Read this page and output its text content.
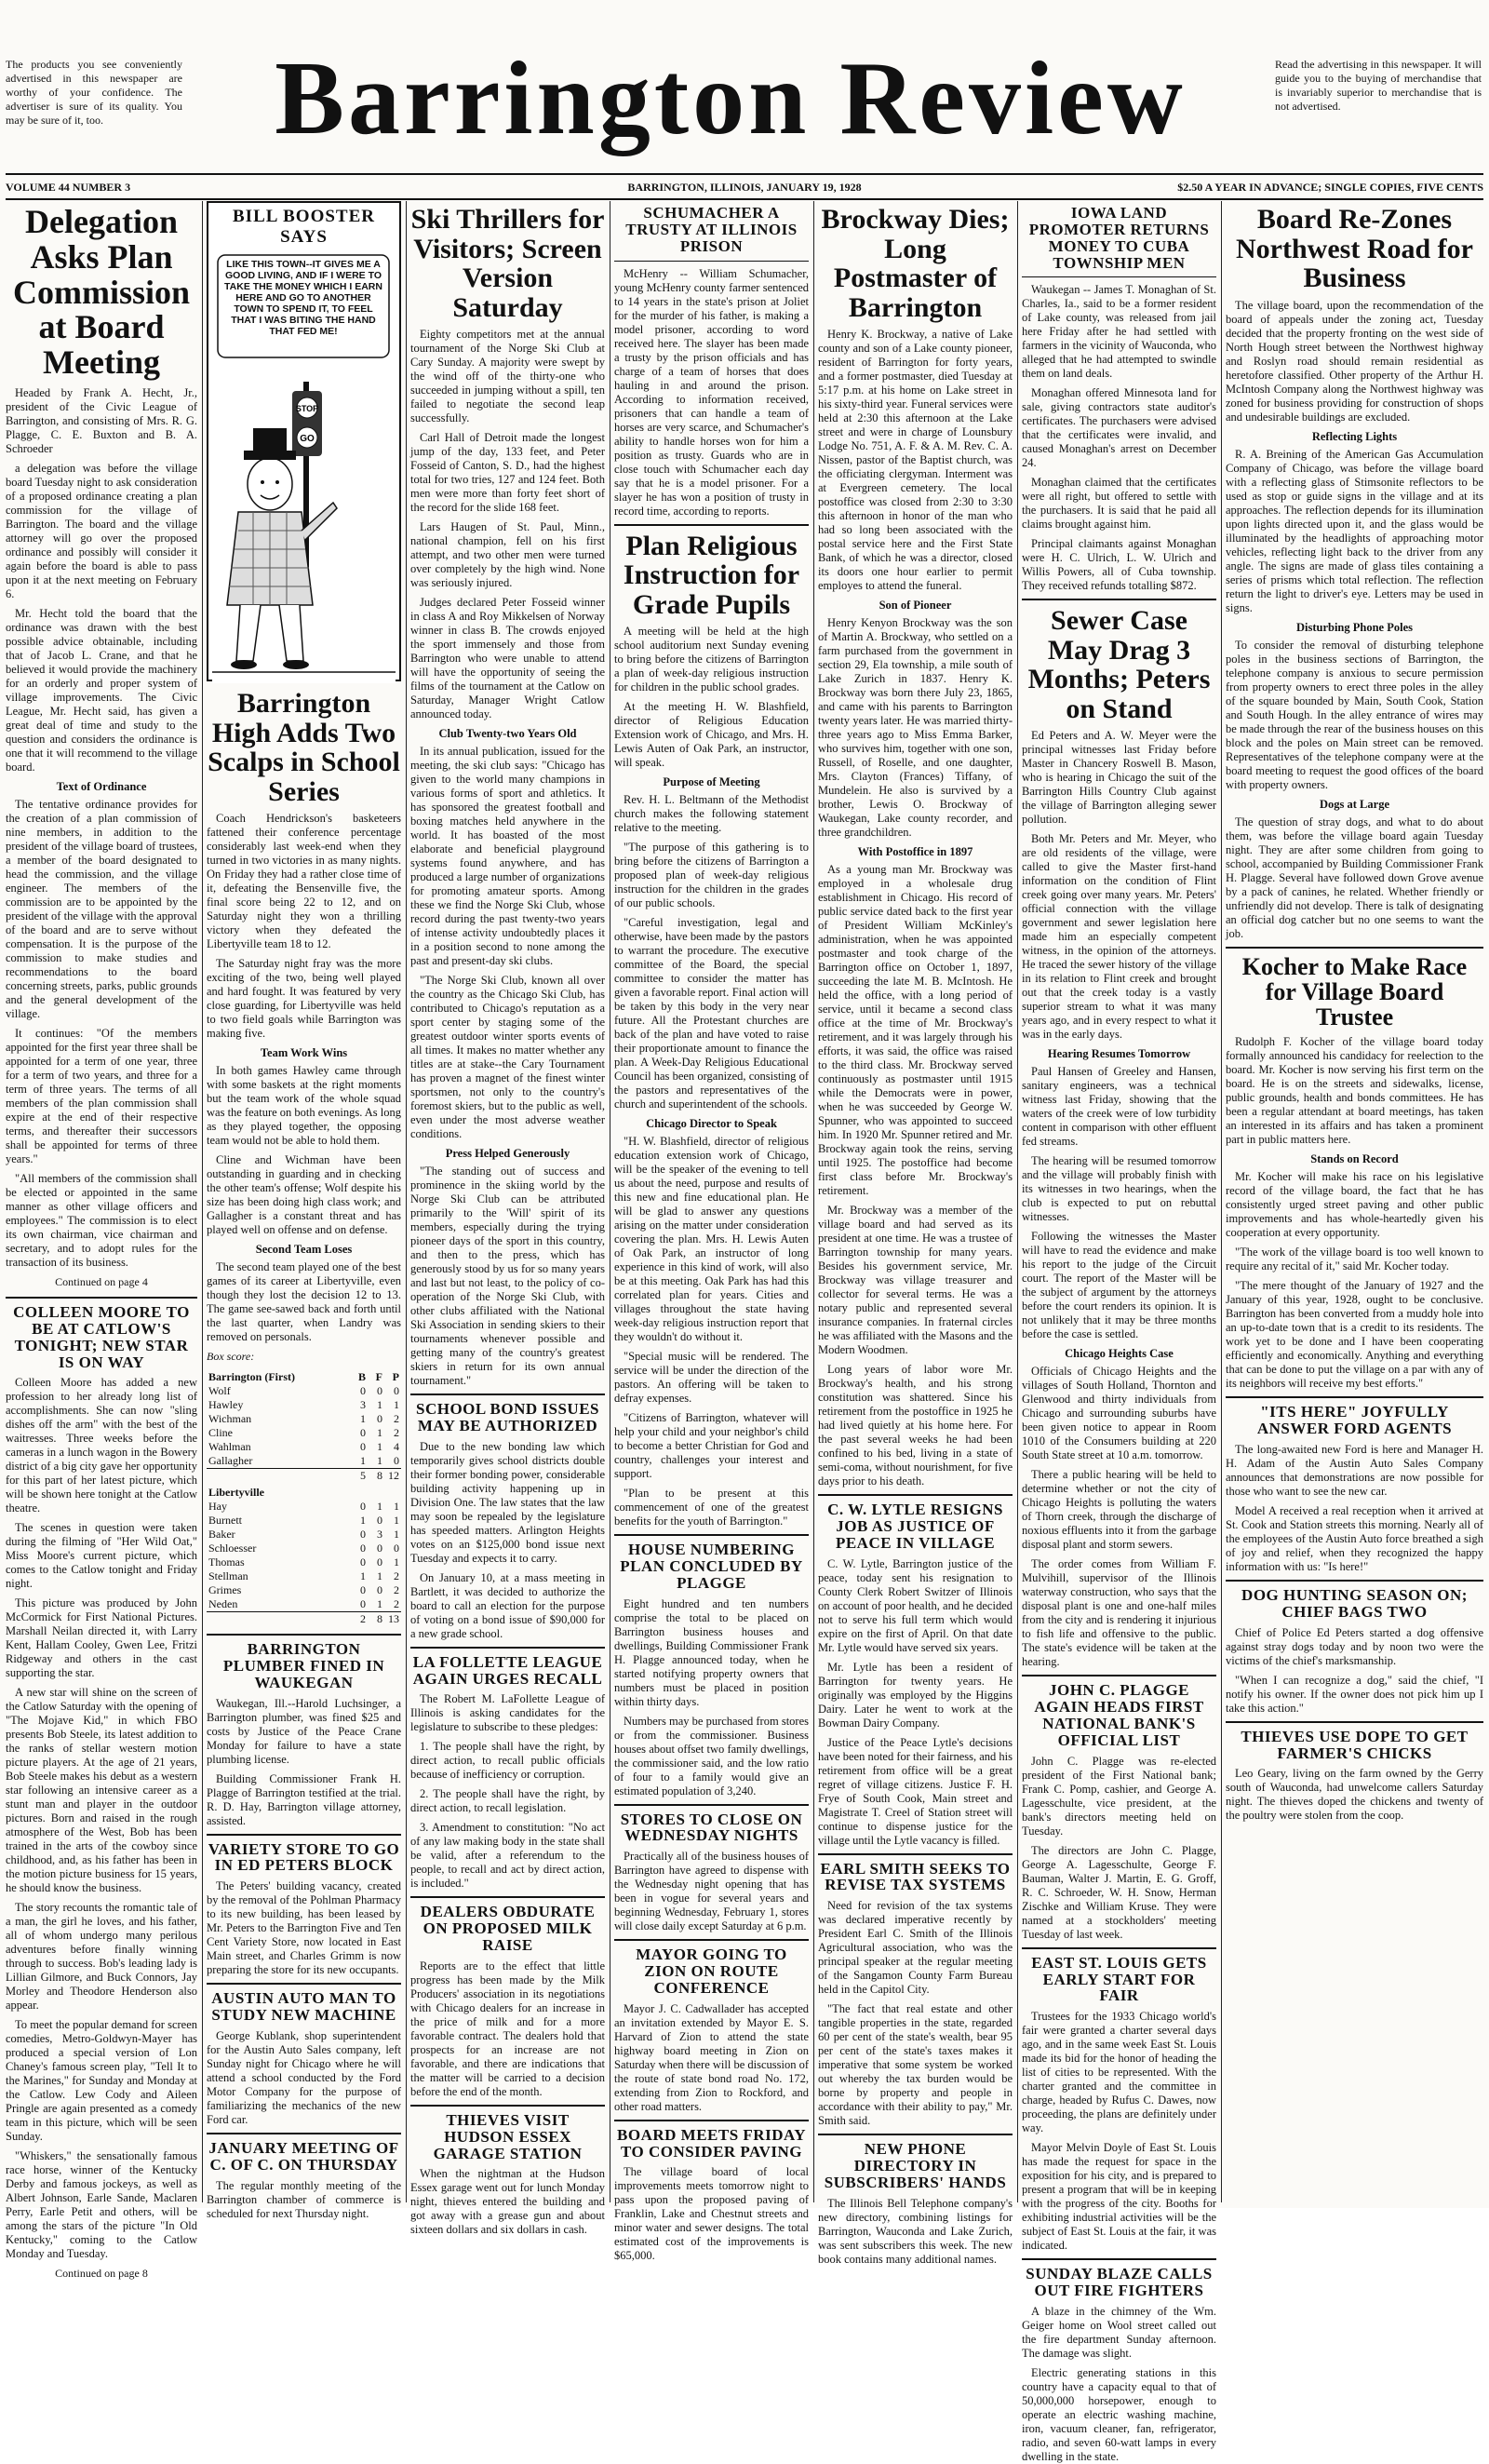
The products you see conveniently advertised in this newspaper are worthy of your confidence. The advertiser is sure of its quality. You may be sure of it, too.	Barrington Review	Read the advertising in this newspaper. It will guide you to the buying of merchandise that is invariably superior to merchandise that is not advertised.
BARRINGTON, ILLINOIS, JANUARY 19, 1928
VOLUME 44 NUMBER 3	$2.50 A YEAR IN ADVANCE; SINGLE COPIES, FIVE CENTS
Delegation Asks Plan Commission at Board Meeting

Headed by Frank A. Hecht, Jr., president of the Civic League of Barrington, and consisting of Mrs. R. G. Plagge, C. E. Buxton and B. A. Schroeder

a delegation was before the village board Tuesday night to ask consideration of a proposed ordinance creating a plan commission for the village of Barrington. The board and the village attorney will go over the proposed ordinance and possibly will consider it again before the board is able to pass upon it at the next meeting on February 6.

Mr. Hecht told the board that the ordinance was drawn with the best possible advice obtainable, including that of Jacob L. Crane, and that he believed it would provide the machinery for an orderly and proper system of village improvements. The Civic League, Mr. Hecht said, has given a great deal of time and study to the question and considers the ordinance is one that it will recommend to the village board.

Text of Ordinance

The tentative ordinance provides for the creation of a plan commission of nine members, in addition to the president of the village board of trustees, a member of the board designated to head the commission, and the village engineer. The members of the commission are to be appointed by the president of the village with the approval of the board and are to serve without compensation. It is the purpose of the commission to make studies and recommendations to the board concerning streets, parks, public grounds and the general development of the village.

It continues: "Of the members appointed for the first year three shall be appointed for a term of one year, three for a term of two years, and three for a term of three years. The terms of all members of the plan commission shall expire at the end of their respective terms, and thereafter their successors shall be appointed for terms of three years."

"All members of the commission shall be elected or appointed in the same manner as other village officers and employees." The commission is to elect its own chairman, vice chairman and secretary, and to adopt rules for the transaction of its business.

Continued on page 4
COLLEEN MOORE TO BE AT CATLOW'S TONIGHT; NEW STAR IS ON WAY

Colleen Moore has added a new profession to her already long list of accomplishments. She can now "sling dishes off the arm" with the best of the waitresses. Three weeks before the cameras in a lunch wagon in the Bowery district of a big city gave her opportunity for this part of her latest picture, which will be shown here tonight at the Catlow theatre.

The scenes in question were taken during the filming of "Her Wild Oat," Miss Moore's current picture, which comes to the Catlow tonight and Friday night.

This picture was produced by John McCormick for First National Pictures. Marshall Neilan directed it, with Larry Kent, Hallam Cooley, Gwen Lee, Fritzi Ridgeway and others in the cast supporting the star.

A new star will shine on the screen of the Catlow Saturday with the opening of "The Mojave Kid," in which FBO presents Bob Steele, its latest addition to the ranks of stellar western motion picture players. At the age of 21 years, Bob Steele makes his debut as a western star following an intensive career as a stunt man and player in the outdoor pictures. Born and raised in the rough atmosphere of the West, Bob has been trained in the arts of the cowboy since childhood, and, as his father has been in the motion picture business for 15 years, he should know the business.

The story recounts the romantic tale of a man, the girl he loves, and his father, all of whom undergo many perilous adventures before finally winning through to success. Bob's leading lady is Lillian Gilmore, and Buck Connors, Jay Morley and Theodore Henderson also appear.

To meet the popular demand for screen comedies, Metro-Goldwyn-Mayer has produced a special version of Lon Chaney's famous screen play, "Tell It to the Marines," for Sunday and Monday at the Catlow. Lew Cody and Aileen Pringle are again presented as a comedy team in this picture, which will be seen Sunday.

"Whiskers," the sensationally famous race horse, winner of the Kentucky Derby and famous jockeys, as well as Albert Johnson, Earle Sande, Maclaren Perry, Earle Petit and others, will be among the stars of the picture "In Old Kentucky," coming to the Catlow Monday and Tuesday.

Continued on page 8
BILL BOOSTER SAYS
LIKE THIS TOWN--IT GIVES ME A GOOD LIVING, AND IF I WERE TO TAKE THE MONEY WHICH I EARN HERE AND GO TO ANOTHER TOWN TO SPEND IT, TO FEEL THAT I WAS BITING THE HAND THAT FED ME!
STOP
GO
Barrington High Adds Two Scalps in School Series

Coach Hendrickson's basketeers fattened their conference percentage considerably last week-end when they turned in two victories in as many nights. On Friday they had a rather close time of it, defeating the Bensenville five, the final score being 22 to 12, and on Saturday night they won a thrilling victory when they defeated the Libertyville team 18 to 12.

The Saturday night fray was the more exciting of the two, being well played and hard fought. It was featured by very close guarding, for Libertyville was held to two field goals while Barrington was making five.

Team Work Wins

In both games Hawley came through with some baskets at the right moments but the team work of the whole squad was the feature on both evenings. As long as they played together, the opposing team would not be able to hold them.

Cline and Wichman have been outstanding in guarding and in checking the other team's offense; Wolf despite his size has been doing high class work; and Gallagher is a constant threat and has played well on offense and on defense.

Second Team Loses

The second team played one of the best games of its career at Libertyville, even though they lost the decision 12 to 13. The game see-sawed back and forth until the last quarter, when Landry was removed on personals.

Box score:
Barrington (First)	B	F	P
Wolf	0	0	0
Hawley	3	1	1
Wichman	1	0	2
Cline	0	1	2
Wahlman	0	1	4
Gallagher	1	1	0
	5	8	12
Libertyville			
Hay	0	1	1
Burnett	1	0	1
Baker	0	3	1
Schloesser	0	0	0
Thomas	0	0	1
Stellman	1	1	2
Grimes	0	0	2
Neden	0	1	2
	2	8	13
BARRINGTON PLUMBER FINED IN WAUKEGAN

Waukegan, Ill.--Harold Luchsinger, a Barrington plumber, was fined $25 and costs by Justice of the Peace Crane Monday for failure to have a state plumbing license.

Building Commissioner Frank H. Plagge of Barrington testified at the trial. R. D. Hay, Barrington village attorney, assisted.

VARIETY STORE TO GO IN ED PETERS BLOCK

The Peters' building vacancy, created by the removal of the Pohlman Pharmacy to its new building, has been leased by Mr. Peters to the Barrington Five and Ten Cent Variety Store, now located in East Main street, and Charles Grimm is now preparing the store for its new occupants.

AUSTIN AUTO MAN TO STUDY NEW MACHINE

George Kublank, shop superintendent for the Austin Auto Sales company, left Sunday night for Chicago where he will attend a school conducted by the Ford Motor Company for the purpose of familiarizing the mechanics of the new Ford car.

JANUARY MEETING OF C. OF C. ON THURSDAY

The regular monthly meeting of the Barrington chamber of commerce is scheduled for next Thursday night.

Ski Thrillers for Visitors; Screen Version Saturday

Eighty competitors met at the annual tournament of the Norge Ski Club at Cary Sunday. A majority were swept by the wind off of the thirty-one who succeeded in jumping without a spill, ten failed to negotiate the second leap successfully.

Carl Hall of Detroit made the longest jump of the day, 133 feet, and Peter Fosseid of Canton, S. D., had the highest total for two tries, 127 and 124 feet. Both men were more than forty feet short of the record for the slide 168 feet.

Lars Haugen of St. Paul, Minn., national champion, fell on his first attempt, and two other men were turned over completely by the high wind. None was seriously injured.

Judges declared Peter Fosseid winner in class A and Roy Mikkelsen of Norway winner in class B. The crowds enjoyed the sport immensely and those from Barrington who were unable to attend will have the opportunity of seeing the films of the tournament at the Catlow on Saturday, Manager Wright Catlow announced today.

Club Twenty-two Years Old

In its annual publication, issued for the meeting, the ski club says: "Chicago has given to the world many champions in various forms of sport and athletics. It has sponsored the greatest football and boxing matches held anywhere in the world. It has boasted of the most elaborate and beneficial playground systems found anywhere, and has produced a large number of organizations for promoting amateur sports. Among these we find the Norge Ski Club, whose record during the past twenty-two years of intense activity undoubtedly places it in a position second to none among the past and present-day ski clubs.

"The Norge Ski Club, known all over the country as the Chicago Ski Club, has contributed to Chicago's reputation as a sport center by staging some of the greatest outdoor winter sports events of all times. It makes no matter whether any titles are at stake--the Cary Tournament has proven a magnet of the finest winter sportsmen, not only to the country's foremost skiers, but to the public as well, even under the most adverse weather conditions.

Press Helped Generously

"The standing out of success and prominence in the skiing world by the Norge Ski Club can be attributed primarily to the 'Will' spirit of its members, especially during the trying pioneer days of the sport in this country, and then to the press, which has generously stood by us for so many years and last but not least, to the policy of co-operation of the Norge Ski Club, with other clubs affiliated with the National Ski Association in sending skiers to their tournaments whenever possible and getting many of the country's greatest skiers in return for its own annual tournament."

SCHOOL BOND ISSUES MAY BE AUTHORIZED

Due to the new bonding law which temporarily gives school districts double their former bonding power, considerable building activity happening up in Division One. The law states that the law may soon be repealed by the legislature has speeded matters. Arlington Heights votes on an $125,000 bond issue next Tuesday and expects it to carry.

On January 10, at a mass meeting in Bartlett, it was decided to authorize the board to call an election for the purpose of voting on a bond issue of $90,000 for a new grade school.

LA FOLLETTE LEAGUE AGAIN URGES RECALL

The Robert M. LaFollette League of Illinois is asking candidates for the legislature to subscribe to these pledges:

1. The people shall have the right, by direct action, to recall public officials because of inefficiency or corruption.

2. The people shall have the right, by direct action, to recall legislation.

3. Amendment to constitution: "No act of any law making body in the state shall be valid, after a referendum to the people, to recall and act by direct action, is included."

DEALERS OBDURATE ON PROPOSED MILK RAISE

Reports are to the effect that little progress has been made by the Milk Producers' association in its negotiations with Chicago dealers for an increase in the price of milk and for a more favorable contract. The dealers hold that prospects for an increase are not favorable, and there are indications that the matter will be carried to a decision before the end of the month.

THIEVES VISIT HUDSON ESSEX GARAGE STATION

When the nightman at the Hudson Essex garage went out for lunch Monday night, thieves entered the building and got away with a grease gun and about sixteen dollars and six dollars in cash.

SCHUMACHER A TRUSTY AT ILLINOIS PRISON

McHenry -- William Schumacher, young McHenry county farmer sentenced to 14 years in the state's prison at Joliet for the murder of his father, is making a model prisoner, according to word received here. The slayer has been made a trusty by the prison officials and has charge of a team of horses that does hauling in and around the prison. According to information received, prisoners that can handle a team of horses are very scarce, and Schumacher's ability to handle horses won for him a position as trusty. Guards who are in close touch with Schumacher each day say that he is a model prisoner. For a slayer he has won a position of trusty in record time, according to reports.

Plan Religious Instruction for Grade Pupils

A meeting will be held at the high school auditorium next Sunday evening to bring before the citizens of Barrington a plan of week-day religious instruction for children in the public school grades.

At the meeting H. W. Blashfield, director of Religious Education Extension work of Chicago, and Mrs. H. Lewis Auten of Oak Park, an instructor, will speak.

Purpose of Meeting

Rev. H. L. Beltmann of the Methodist church makes the following statement relative to the meeting.

"The purpose of this gathering is to bring before the citizens of Barrington a proposed plan of week-day religious instruction for the children in the grades of our public schools.

"Careful investigation, legal and otherwise, have been made by the pastors to warrant the procedure. The executive committee of the Board, the special committee to consider the matter has given a favorable report. Final action will be taken by this body in the very near future. All the Protestant churches are back of the plan and have voted to raise their proportionate amount to finance the plan. A Week-Day Religious Educational Council has been organized, consisting of the pastors and representatives of the church and superintendent of the schools.

Chicago Director to Speak

"H. W. Blashfield, director of religious education extension work of Chicago, will be the speaker of the evening to tell us about the need, purpose and results of this new and fine educational plan. He will be glad to answer any questions arising on the matter under consideration covering the plan. Mrs. H. Lewis Auten of Oak Park, an instructor of long experience in this kind of work, will also be at this meeting. Oak Park has had this correlated plan for years. Cities and villages throughout the state having week-day religious instruction report that they wouldn't do without it.

"Special music will be rendered. The service will be under the direction of the pastors. An offering will be taken to defray expenses.

"Citizens of Barrington, whatever will help your child and your neighbor's child to become a better Christian for God and country, challenges your interest and support.

"Plan to be present at this commencement of one of the greatest benefits for the youth of Barrington."

HOUSE NUMBERING PLAN CONCLUDED BY PLAGGE

Eight hundred and ten numbers comprise the total to be placed on Barrington business houses and dwellings, Building Commissioner Frank H. Plagge announced today, when he started notifying property owners that numbers must be placed in position within thirty days.

Numbers may be purchased from stores or from the commissioner. Business houses about offset two family dwellings, the commissioner said, and the low ratio of four to a family would give an estimated population of 3,240.

STORES TO CLOSE ON WEDNESDAY NIGHTS

Practically all of the business houses of Barrington have agreed to dispense with the Wednesday night opening that has been in vogue for several years and beginning Wednesday, February 1, stores will close daily except Saturday at 6 p.m.

MAYOR GOING TO ZION ON ROUTE CONFERENCE

Mayor J. C. Cadwallader has accepted an invitation extended by Mayor E. S. Harvard of Zion to attend the state highway board meeting in Zion on Saturday when there will be discussion of the route of state bond road No. 172, extending from Zion to Rockford, and other road matters.

BOARD MEETS FRIDAY TO CONSIDER PAVING

The village board of local improvements meets tomorrow night to pass upon the proposed paving of Franklin, Lake and Chestnut streets and minor water and sewer designs. The total estimated cost of the improvements is $65,000.

Brockway Dies; Long Postmaster of Barrington

Henry K. Brockway, a native of Lake county and son of a Lake county pioneer, resident of Barrington for forty years, and a former postmaster, died Tuesday at 5:17 p.m. at his home on Lake street in his sixty-third year. Funeral services were held at 2:30 this afternoon at the Lake street and were in charge of Lounsbury Lodge No. 751, A. F. & A. M. Rev. C. A. Nissen, pastor of the Baptist church, was the officiating clergyman. Interment was at Evergreen cemetery. The local postoffice was closed from 2:30 to 3:30 this afternoon in honor of the man who had so long been associated with the postal service here and the First State Bank, of which he was a director, closed its doors one hour earlier to permit employes to attend the funeral.

Son of Pioneer

Henry Kenyon Brockway was the son of Martin A. Brockway, who settled on a farm purchased from the government in section 29, Ela township, a mile south of Lake Zurich in 1837. Henry K. Brockway was born there July 23, 1865, and came with his parents to Barrington twenty years later. He was married thirty-three years ago to Miss Emma Barker, who survives him, together with one son, Russell, of Roselle, and one daughter, Mrs. Clayton (Frances) Tiffany, of Mundelein. He also is survived by a brother, Lewis O. Brockway of Waukegan, Lake county recorder, and three grandchildren.

With Postoffice in 1897

As a young man Mr. Brockway was employed in a wholesale drug establishment in Chicago. His record of public service dated back to the first year of President William McKinley's administration, when he was appointed postmaster and took charge of the Barrington office on October 1, 1897, succeeding the late M. B. McIntosh. He held the office, with a long period of service, until it became a second class office at the time of Mr. Brockway's retirement, and it was largely through his efforts, it was said, the office was raised to the third class. Mr. Brockway served continuously as postmaster until 1915 while the Democrats were in power, when he was succeeded by George W. Spunner, who was appointed to succeed him. In 1920 Mr. Spunner retired and Mr. Brockway again took the reins, serving until 1925. The postoffice had become first class before Mr. Brockway's retirement.

Mr. Brockway was a member of the village board and had served as its president at one time. He was a trustee of Barrington township for many years. Besides his government service, Mr. Brockway was village treasurer and collector for several terms. He was a notary public and represented several insurance companies. In fraternal circles he was affiliated with the Masons and the Modern Woodmen.

Long years of labor wore Mr. Brockway's health, and his strong constitution was shattered. Since his retirement from the postoffice in 1925 he had lived quietly at his home here. For the past several weeks he had been confined to his bed, living in a state of semi-coma, without nourishment, for five days prior to his death.

C. W. LYTLE RESIGNS JOB AS JUSTICE OF PEACE IN VILLAGE

C. W. Lytle, Barrington justice of the peace, today sent his resignation to County Clerk Robert Switzer of Illinois on account of poor health, and he decided not to serve his full term which would expire on the first of April. On that date Mr. Lytle would have served six years.

Mr. Lytle has been a resident of Barrington for twenty years. He originally was employed by the Higgins Dairy. Later he went to work at the Bowman Dairy Company.

Justice of the Peace Lytle's decisions have been noted for their fairness, and his retirement from office will be a great regret of village citizens. Justice F. H. Frye of South Cook, Main street and Magistrate T. Creel of Station street will continue to dispense justice for the village until the Lytle vacancy is filled.

EARL SMITH SEEKS TO REVISE TAX SYSTEMS

Need for revision of the tax systems was declared imperative recently by President Earl C. Smith of the Illinois Agricultural association, who was the principal speaker at the regular meeting of the Sangamon County Farm Bureau held in the Capitol City.

"The fact that real estate and other tangible properties in the state, regarded 60 per cent of the state's wealth, bear 95 per cent of the state's taxes makes it imperative that some system be worked out whereby the tax burden would be borne by property and people in accordance with their ability to pay," Mr. Smith said.

NEW PHONE DIRECTORY IN SUBSCRIBERS' HANDS

The Illinois Bell Telephone company's new directory, combining listings for Barrington, Wauconda and Lake Zurich, was sent subscribers this week. The new book contains many additional names.

IOWA LAND PROMOTER RETURNS MONEY TO CUBA TOWNSHIP MEN

Waukegan -- James T. Monaghan of St. Charles, Ia., said to be a former resident of Lake county, was released from jail here Friday after he had settled with farmers in the vicinity of Wauconda, who alleged that he had attempted to swindle them on land deals.

Monaghan offered Minnesota land for sale, giving contractors state auditor's certificates. The purchasers were advised that the certificates were invalid, and caused Monaghan's arrest on December 24.

Monaghan claimed that the certificates were all right, but offered to settle with the purchasers. It is said that he paid all claims brought against him.

Principal claimants against Monaghan were H. C. Ulrich, L. W. Ulrich and Willis Powers, all of Cuba township. They received refunds totalling $872.

Sewer Case May Drag 3 Months; Peters on Stand

Ed Peters and A. W. Meyer were the principal witnesses last Friday before Master in Chancery Roswell B. Mason, who is hearing in Chicago the suit of the Barrington Hills Country Club against the village of Barrington alleging sewer pollution.

Both Mr. Peters and Mr. Meyer, who are old residents of the village, were called to give the Master first-hand information on the condition of Flint creek going over many years. Mr. Peters' official connection with the village government and sewer legislation here made him an especially competent witness, in the opinion of the attorneys. He traced the sewer history of the village in its relation to Flint creek and brought out that the creek today is a vastly superior stream to what it was many years ago, and in every respect to what it was in the early days.

Hearing Resumes Tomorrow

Paul Hansen of Greeley and Hansen, sanitary engineers, was a technical witness last Friday, showing that the waters of the creek were of low turbidity content in comparison with other effluent fed streams.

The hearing will be resumed tomorrow and the village will probably finish with its witnesses in two hearings, when the club is expected to put on rebuttal witnesses.

Following the witnesses the Master will have to read the evidence and make his report to the judge of the Circuit court. The report of the Master will be the subject of argument by the attorneys before the court renders its opinion. It is not unlikely that it may be three months before the case is settled.

Chicago Heights Case

Officials of Chicago Heights and the villages of South Holland, Thornton and Glenwood and thirty individuals from Chicago and surrounding suburbs have been given notice to appear in Room 1010 of the Consumers building at 220 South State street at 10 a.m. tomorrow.

There a public hearing will be held to determine whether or not the city of Chicago Heights is polluting the waters of Thorn creek, through the discharge of noxious effluents into it from the garbage disposal plant and storm sewers.

The order comes from William F. Mulvihill, supervisor of the Illinois waterway construction, who says that the disposal plant is one and one-half miles from the city and is rendering it injurious to fish life and offensive to the public. The state's evidence will be taken at the hearing.

JOHN C. PLAGGE AGAIN HEADS FIRST NATIONAL BANK'S OFFICIAL LIST

John C. Plagge was re-elected president of the First National bank; Frank C. Pomp, cashier, and George A. Lagesschulte, vice president, at the bank's directors meeting held on Tuesday.

The directors are John C. Plagge, George A. Lagesschulte, George F. Bauman, Walter J. Martin, E. G. Groff, R. C. Schroeder, W. H. Snow, Herman Zischke and William Kruse. They were named at a stockholders' meeting Tuesday of last week.

EAST ST. LOUIS GETS EARLY START FOR FAIR

Trustees for the 1933 Chicago world's fair were granted a charter several days ago, and in the same week East St. Louis made its bid for the honor of heading the list of cities to be represented. With the charter granted and the committee in charge, headed by Rufus C. Dawes, now proceeding, the plans are definitely under way.

Mayor Melvin Doyle of East St. Louis has made the request for space in the exposition for his city, and is prepared to present a program that will be in keeping with the progress of the city. Booths for exhibiting industrial activities will be the subject of East St. Louis at the fair, it was indicated.

SUNDAY BLAZE CALLS OUT FIRE FIGHTERS

A blaze in the chimney of the Wm. Geiger home on Wool street called out the fire department Sunday afternoon. The damage was slight.

Electric generating stations in this country have a capacity equal to that of 50,000,000 horsepower, enough to operate an electric washing machine, iron, vacuum cleaner, fan, refrigerator, radio, and seven 60-watt lamps in every dwelling in the state.

Board Re-Zones Northwest Road for Business

The village board, upon the recommendation of the board of appeals under the zoning act, Tuesday decided that the property fronting on the west side of North Hough street between the Northwest highway and Roslyn road should remain residential as heretofore classified. Other property of the Arthur H. McIntosh Company along the Northwest highway was zoned for business providing for construction of shops and undesirable buildings are excluded.

Reflecting Lights

R. A. Breining of the American Gas Accumulation Company of Chicago, was before the village board with a reflecting glass of Stimsonite reflectors to be used as stop or guide signs in the village and at its approaches. The reflection depends for its illumination upon lights directed upon it, and the glass would be illuminated by the headlights of approaching motor vehicles, reflecting light back to the driver from any angle. The signs are made of glass tiles containing a series of prisms which total reflection. The reflection return the light to driver's eye. Letters may be used in signs.

Disturbing Phone Poles

To consider the removal of disturbing telephone poles in the business sections of Barrington, the telephone company is anxious to secure permission from property owners to erect three poles in the alley of the square bounded by Main, South Cook, Station and South Hough. In the alley entrance of wires may be made through the rear of the business houses on this block and the poles on Main street can be removed. Representatives of the telephone company were at the board meeting to request the good offices of the board with property owners.

Dogs at Large

The question of stray dogs, and what to do about them, was before the village board again Tuesday night. They are after some children from going to school, accompanied by Building Commissioner Frank H. Plagge. Several have followed down Grove avenue by a pack of canines, he related. Whether friendly or unfriendly did not develop. There is talk of designating an official dog catcher but no one seems to want the job.

Kocher to Make Race for Village Board Trustee

Rudolph F. Kocher of the village board today formally announced his candidacy for reelection to the board. Mr. Kocher is now serving his first term on the board. He is on the streets and sidewalks, license, public grounds, health and bonds committees. He has been a regular attendant at board meetings, has taken an interested in its affairs and has taken a prominent part in public matters here.

Stands on Record

Mr. Kocher will make his race on his legislative record of the village board, the fact that he has consistently urged street paving and other public improvements and has whole-heartedly given his cooperation at every opportunity.

"The work of the village board is too well known to require any recital of it," said Mr. Kocher today.

"The mere thought of the January of 1927 and the January of this year, 1928, ought to be conclusive. Barrington has been converted from a muddy hole into an up-to-date town that is a credit to its residents. The work yet to be done and I have been cooperating efficiently and economically. Anything and everything that can be done to put the village on a par with any of its neighbors will receive my best efforts."

"ITS HERE" JOYFULLY ANSWER FORD AGENTS

The long-awaited new Ford is here and Manager H. H. Adam of the Austin Auto Sales Company announces that demonstrations are now possible for those who want to see the new car.

Model A received a real reception when it arrived at St. Cook and Station streets this morning. Nearly all of the employees of the Austin Auto force breathed a sigh of joy and relief, when they recognized the happy information with us: "Is here!"

DOG HUNTING SEASON ON; CHIEF BAGS TWO

Chief of Police Ed Peters started a dog offensive against stray dogs today and by noon two were the victims of the chief's marksmanship.

"When I can recognize a dog," said the chief, "I notify his owner. If the owner does not pick him up I take this action."

THIEVES USE DOPE TO GET FARMER'S CHICKS

Leo Geary, living on the farm owned by the Gerry south of Wauconda, had unwelcome callers Saturday night. The thieves doped the chickens and twenty of the poultry were stolen from the coop.
